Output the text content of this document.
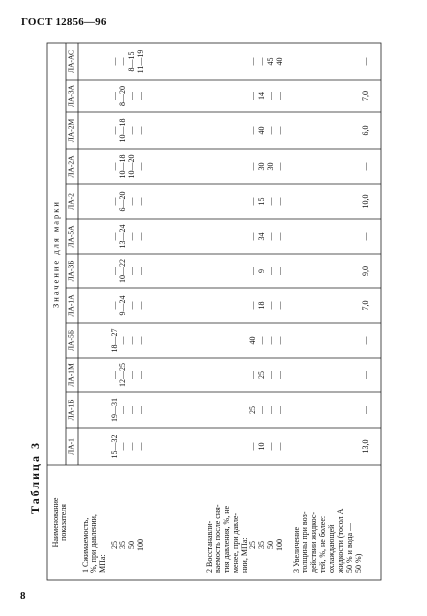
ГОСТ 12856—96
8
Таблица 3
Наименование
показателя
Значение для марки
ЛА-1
ЛА-1Б
ЛА-1М
ЛА-5Б
ЛА-1А
ЛА-3Б
ЛА-5А
ЛА-2
ЛА-2А
ЛА-2М
ЛА-3А
ЛА-АС
1 Сжимаемость,
%, при давлении, МПа:
25
35 50 100
15—32
— — —
19—31
— — —
—
12—25 — —
18—27
— — —
—
9—24 — —
—
10—22 — —
—
13—24 — —
—
6—20 — —
—
10—18 10—20 —
—
10—18 — —
—
8—20 — —
—
— 8—15 11—19
2 Восстанавли-
ваемость после сня- тия давления, %, не менее, при давле- нии, МПа:
25 35 50 100
— 10 — —
25 — — —
— 25 — —
40 — — —
— 18 — —
— 9 — —
— 34 — —
— 15 — —
— 30 30 —
— 40 — —
— 14 — —
— — 45 40
3 Увеличение
толщины при воз- действии жидкос- тей, %, не более: охлаждающей жидкости (тосол А 50 % и вода — 50 %)
13,0
—
—
—
7,0
9,0
—
10,0
—
6,0
7,0
—
